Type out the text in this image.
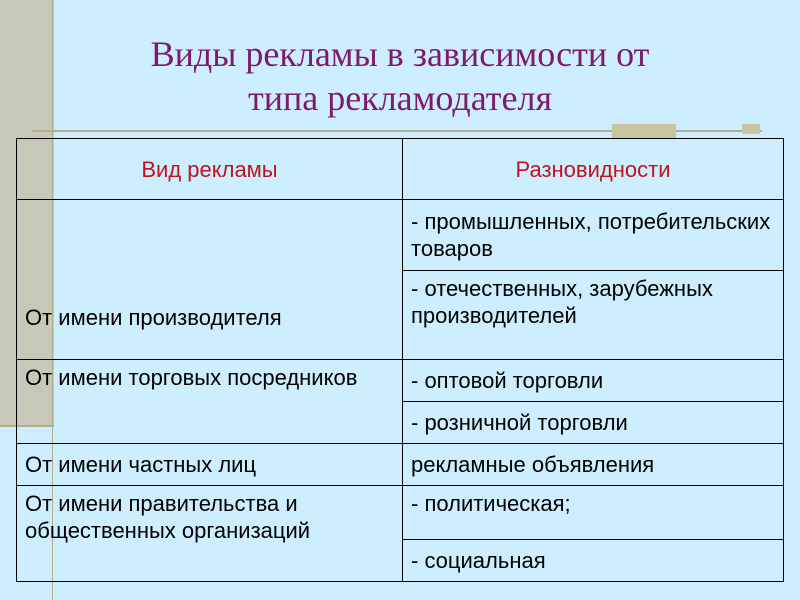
Виды рекламы в зависимости от
типа рекламодателя
Вид рекламы	Разновидности
От имени производителя	- промышленных, потребительских товаров
	- отечественных, зарубежных производителей
От имени торговых посредников	- оптовой торговли
	- розничной торговли
От имени частных лиц	рекламные объявления
От имени правительства и общественных организаций	- политическая;
	- социальная
